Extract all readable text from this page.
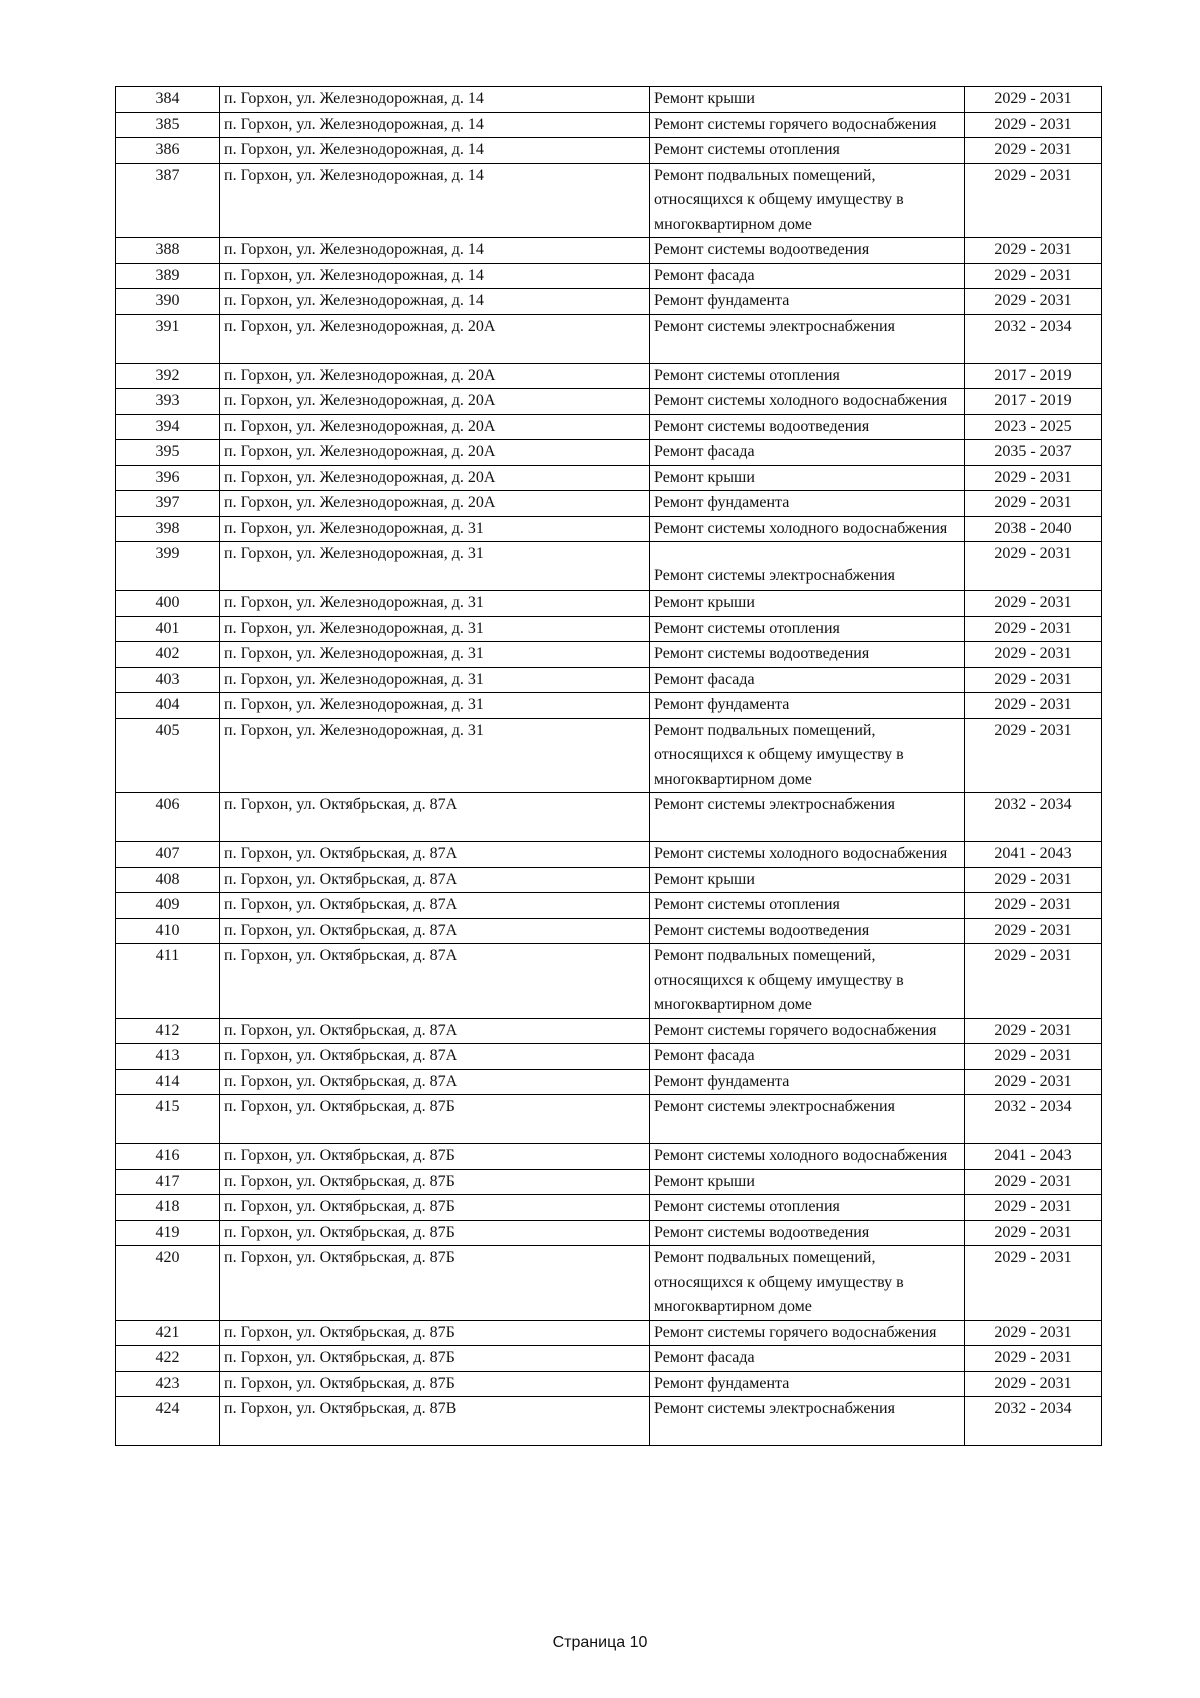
384	п. Горхон, ул. Железнодорожная, д. 14	Ремонт крыши	2029 - 2031
385	п. Горхон, ул. Железнодорожная, д. 14	Ремонт системы горячего водоснабжения	2029 - 2031
386	п. Горхон, ул. Железнодорожная, д. 14	Ремонт системы отопления	2029 - 2031
387	п. Горхон, ул. Железнодорожная, д. 14	Ремонт подвальных помещений, относящихся к общему имуществу в многоквартирном доме	2029 - 2031
388	п. Горхон, ул. Железнодорожная, д. 14	Ремонт системы водоотведения	2029 - 2031
389	п. Горхон, ул. Железнодорожная, д. 14	Ремонт фасада	2029 - 2031
390	п. Горхон, ул. Железнодорожная, д. 14	Ремонт фундамента	2029 - 2031
391	п. Горхон, ул. Железнодорожная, д. 20А	Ремонт системы электроснабжения	2032 - 2034
392	п. Горхон, ул. Железнодорожная, д. 20А	Ремонт системы отопления	2017 - 2019
393	п. Горхон, ул. Железнодорожная, д. 20А	Ремонт системы холодного водоснабжения	2017 - 2019
394	п. Горхон, ул. Железнодорожная, д. 20А	Ремонт системы водоотведения	2023 - 2025
395	п. Горхон, ул. Железнодорожная, д. 20А	Ремонт фасада	2035 - 2037
396	п. Горхон, ул. Железнодорожная, д. 20А	Ремонт крыши	2029 - 2031
397	п. Горхон, ул. Железнодорожная, д. 20А	Ремонт фундамента	2029 - 2031
398	п. Горхон, ул. Железнодорожная, д. 31	Ремонт системы холодного водоснабжения	2038 - 2040
399	п. Горхон, ул. Железнодорожная, д. 31	Ремонт системы электроснабжения	2029 - 2031
400	п. Горхон, ул. Железнодорожная, д. 31	Ремонт крыши	2029 - 2031
401	п. Горхон, ул. Железнодорожная, д. 31	Ремонт системы отопления	2029 - 2031
402	п. Горхон, ул. Железнодорожная, д. 31	Ремонт системы водоотведения	2029 - 2031
403	п. Горхон, ул. Железнодорожная, д. 31	Ремонт фасада	2029 - 2031
404	п. Горхон, ул. Железнодорожная, д. 31	Ремонт фундамента	2029 - 2031
405	п. Горхон, ул. Железнодорожная, д. 31	Ремонт подвальных помещений, относящихся к общему имуществу в многоквартирном доме	2029 - 2031
406	п. Горхон, ул. Октябрьская, д. 87А	Ремонт системы электроснабжения	2032 - 2034
407	п. Горхон, ул. Октябрьская, д. 87А	Ремонт системы холодного водоснабжения	2041 - 2043
408	п. Горхон, ул. Октябрьская, д. 87А	Ремонт крыши	2029 - 2031
409	п. Горхон, ул. Октябрьская, д. 87А	Ремонт системы отопления	2029 - 2031
410	п. Горхон, ул. Октябрьская, д. 87А	Ремонт системы водоотведения	2029 - 2031
411	п. Горхон, ул. Октябрьская, д. 87А	Ремонт подвальных помещений, относящихся к общему имуществу в многоквартирном доме	2029 - 2031
412	п. Горхон, ул. Октябрьская, д. 87А	Ремонт системы горячего водоснабжения	2029 - 2031
413	п. Горхон, ул. Октябрьская, д. 87А	Ремонт фасада	2029 - 2031
414	п. Горхон, ул. Октябрьская, д. 87А	Ремонт фундамента	2029 - 2031
415	п. Горхон, ул. Октябрьская, д. 87Б	Ремонт системы электроснабжения	2032 - 2034
416	п. Горхон, ул. Октябрьская, д. 87Б	Ремонт системы холодного водоснабжения	2041 - 2043
417	п. Горхон, ул. Октябрьская, д. 87Б	Ремонт крыши	2029 - 2031
418	п. Горхон, ул. Октябрьская, д. 87Б	Ремонт системы отопления	2029 - 2031
419	п. Горхон, ул. Октябрьская, д. 87Б	Ремонт системы водоотведения	2029 - 2031
420	п. Горхон, ул. Октябрьская, д. 87Б	Ремонт подвальных помещений, относящихся к общему имуществу в многоквартирном доме	2029 - 2031
421	п. Горхон, ул. Октябрьская, д. 87Б	Ремонт системы горячего водоснабжения	2029 - 2031
422	п. Горхон, ул. Октябрьская, д. 87Б	Ремонт фасада	2029 - 2031
423	п. Горхон, ул. Октябрьская, д. 87Б	Ремонт фундамента	2029 - 2031
424	п. Горхон, ул. Октябрьская, д. 87В	Ремонт системы электроснабжения	2032 - 2034
Страница 10
